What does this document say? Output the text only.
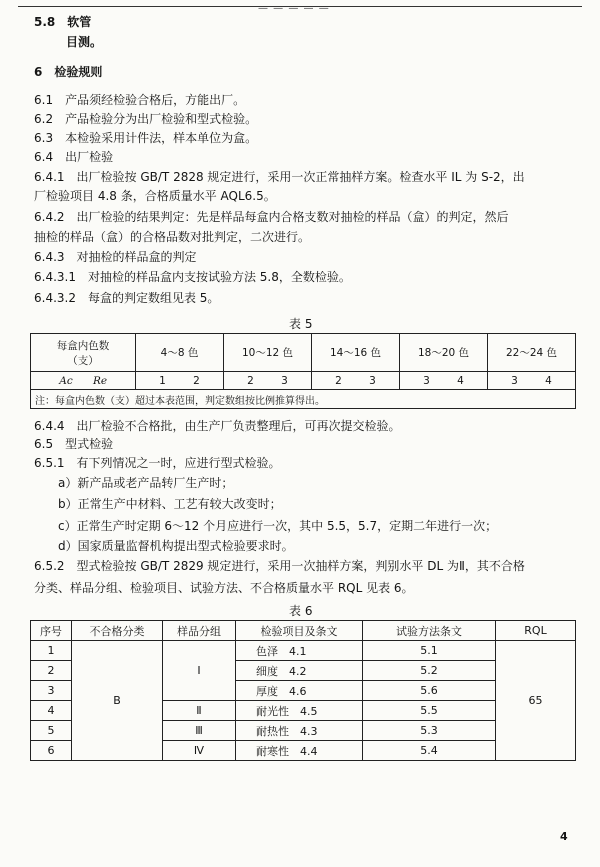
— — — — —
5.8　 软管
目测。
6　 检验规则
6.1　产品须经检验合格后，方能出厂。
6.2　产品检验分为出厂检验和型式检验。
6.3　本检验采用计件法，样本单位为盒。
6.4　出厂检验
6.4.1　出厂检验按 GB/T 2828 规定进行，采用一次正常抽样方案。检查水平 IL 为 S-2，出
厂检验项目 4.8 条，合格质量水平 AQL6.5。
6.4.2　出厂检验的结果判定：先是样品每盒内合格支数对抽检的样品（盒）的判定，然后
抽检的样品（盒）的合格品数对批判定，二次进行。
6.4.3　对抽检的样品盒的判定
6.4.3.1　对抽检的样品盒内支按试验方法 5.8，全数检验。
6.4.3.2　每盒的判定数组见表 5。
表 5
每盒内色数
（支）	4～8 色	10～12 色	14～16 色	18～20 色	22～24 色
Ac Re	1 2	2 3	2 3	3 4	3 4
注：每盒内色数（支）超过本表范围，判定数组按比例推算得出。					
6.4.4　出厂检验不合格批，由生产厂负责整理后，可再次提交检验。
6.5　型式检验
6.5.1　有下列情况之一时，应进行型式检验。
a）新产品或老产品转厂生产时；
b）正常生产中材料、工艺有较大改变时；
c）正常生产时定期 6～12 个月应进行一次，其中 5.5，5.7，定期二年进行一次；
d）国家质量监督机构提出型式检验要求时。
6.5.2　型式检验按 GB/T 2829 规定进行，采用一次抽样方案，判别水平 DL 为Ⅱ，其不合格
分类、样品分组、检验项目、试验方法、不合格质量水平 RQL 见表 6。
表 6
序号	不合格分类	样品分组	检验项目及条文	试验方法条文	RQL
1	B	Ⅰ	色泽　4.1	5.1	65
2			细度　4.2	5.2	
3			厚度　4.6	5.6	
4		Ⅱ	耐光性　4.5	5.5	
5		Ⅲ	耐热性　4.3	5.3	
6		Ⅳ	耐寒性　4.4	5.4	
4
